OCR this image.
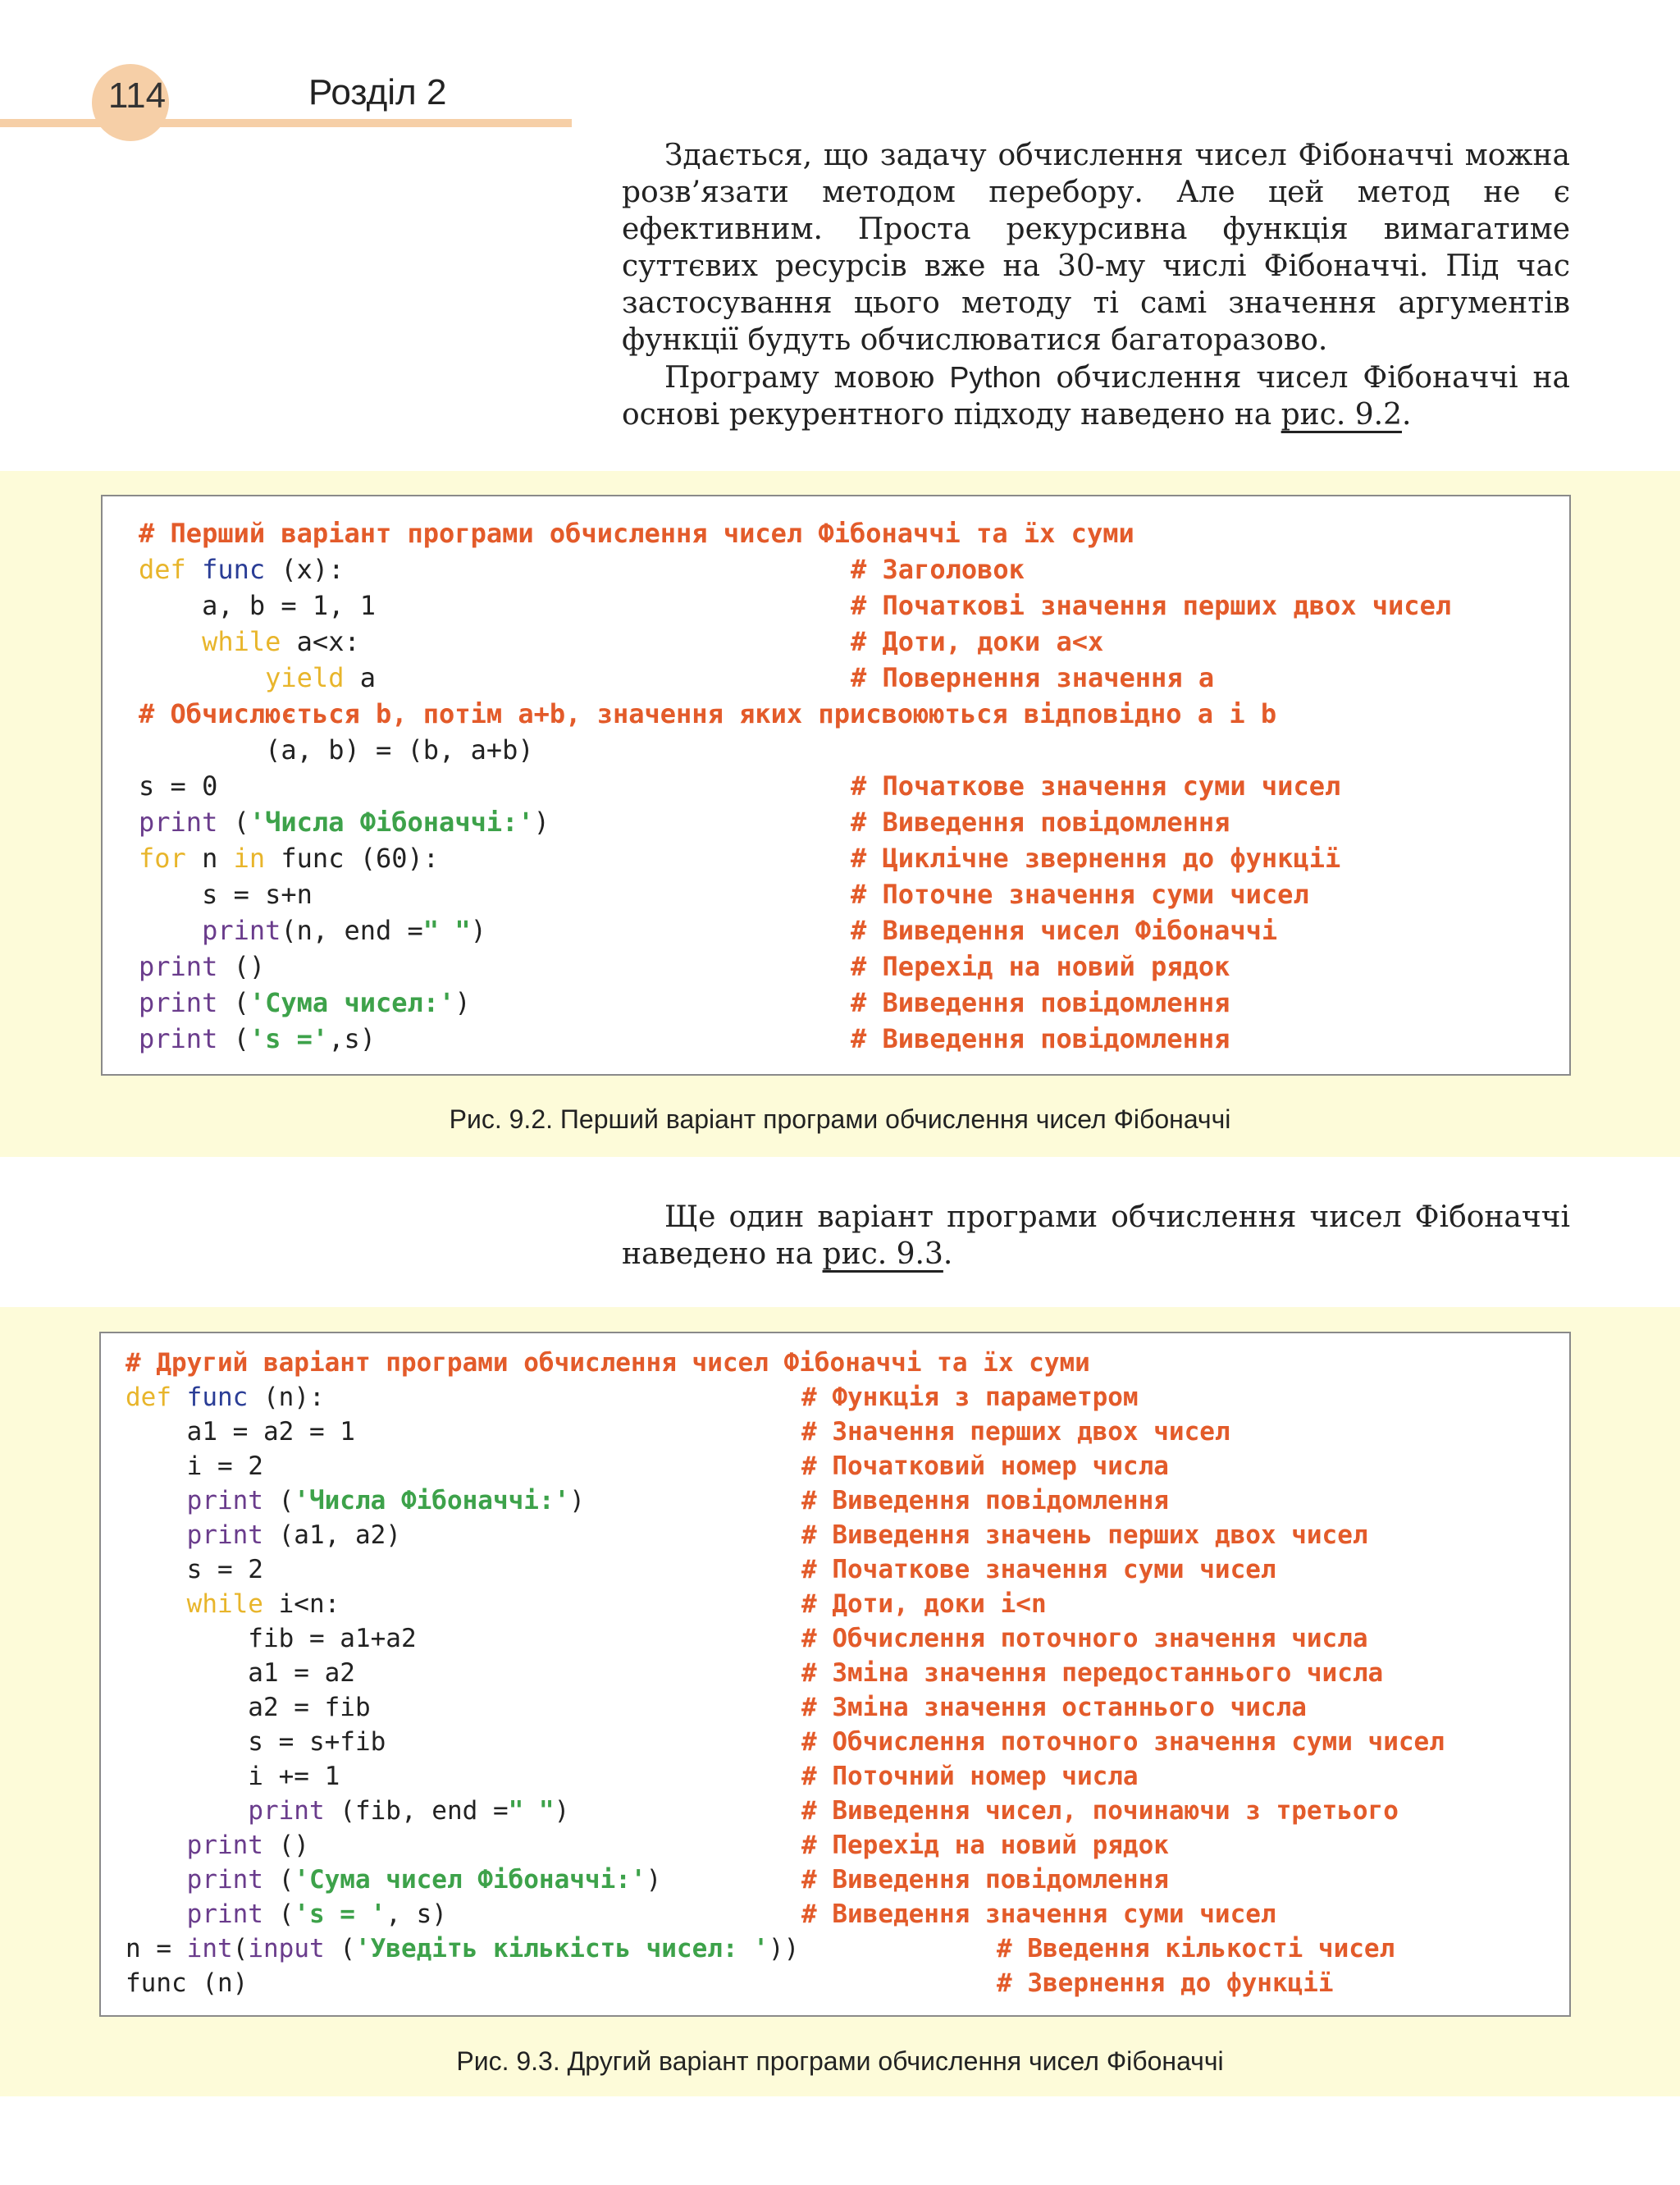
114	Розділ 2

Здається, що задачу обчислення чисел Фібоначчі можна розв’язати методом перебору. Але цей метод не є ефективним. Проста рекурсивна функція вимагатиме суттєвих ресурсів вже на 30-му числі Фібоначчі. Під час застосування цього методу ті самі значення аргументів функції будуть обчислюватися багаторазово.

Програму мовою Python обчислення чисел Фібоначчі на основі рекурентного підходу наведено на рис. 9.2.

# Перший варіант програми обчислення чисел Фібоначчі та їх суми
def func (x):	# Заголовок
a, b = 1, 1	# Початкові значення перших двох чисел
while a<x:	# Доти, доки a<x
yield a	# Повернення значення a
# Обчислюється b, потім a+b, значення яких присвоюються відповідно a і b
(a, b) = (b, a+b)
s = 0	# Початкове значення суми чисел
print ('Числа Фібоначчі:')	# Виведення повідомлення
for n in func (60):	# Циклічне звернення до функції
s = s+n	# Поточне значення суми чисел
print(n, end =" ")	# Виведення чисел Фібоначчі
print ()	# Перехід на новий рядок
print ('Сума чисел:')	# Виведення повідомлення
print ('s =',s)	# Виведення повідомлення
Рис. 9.2. Перший варіант програми обчислення чисел Фібоначчі

Ще один варіант програми обчислення чисел Фібоначчі наведено на рис. 9.3.

# Другий варіант програми обчислення чисел Фібоначчі та їх суми
def func (n):	# Функція з параметром
a1 = a2 = 1	# Значення перших двох чисел
i = 2	# Початковий номер числа
print ('Числа Фібоначчі:')	# Виведення повідомлення
print (a1, a2)	# Виведення значень перших двох чисел
s = 2	# Початкове значення суми чисел
while i<n:	# Доти, доки i<n
fib = a1+a2	# Обчислення поточного значення числа
a1 = a2	# Зміна значення передостаннього числа
a2 = fib	# Зміна значення останнього числа
s = s+fib	# Обчислення поточного значення суми чисел
i += 1	# Поточний номер числа
print (fib, end =" ")	# Виведення чисел, починаючи з третього
print ()	# Перехід на новий рядок
print ('Сума чисел Фібоначчі:')	# Виведення повідомлення
print ('s = ', s)	# Виведення значення суми чисел
n = int(input ('Уведіть кількість чисел: '))	# Введення кількості чисел
func (n)	# Звернення до функції
Рис. 9.3. Другий варіант програми обчислення чисел Фібоначчі
